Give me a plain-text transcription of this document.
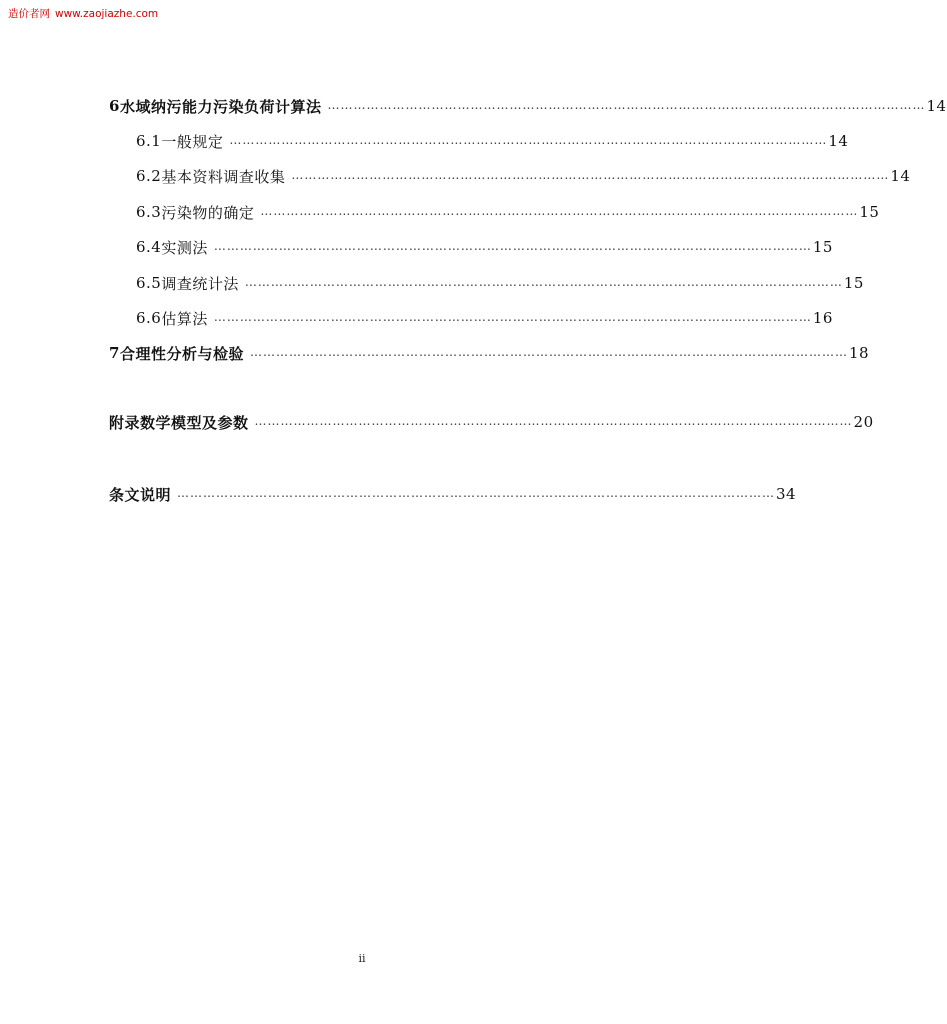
造价者网 www.zaojiazhe.com
6 水域纳污能力污染负荷计算法 ………………………………………………………………………………………………………………………… 14
6.1 一般规定 ………………………………………………………………………………………………………………………… 14
6.2 基本资料调查收集 ………………………………………………………………………………………………………………………… 14
6.3 污染物的确定 ………………………………………………………………………………………………………………………… 15
6.4 实测法 ………………………………………………………………………………………………………………………… 15
6.5 调查统计法 ………………………………………………………………………………………………………………………… 15
6.6 估算法 ………………………………………………………………………………………………………………………… 16
7 合理性分析与检验 ………………………………………………………………………………………………………………………… 18
附录 数学模型及参数 ………………………………………………………………………………………………………………………… 20
条文说明 ………………………………………………………………………………………………………………………… 34
ii
